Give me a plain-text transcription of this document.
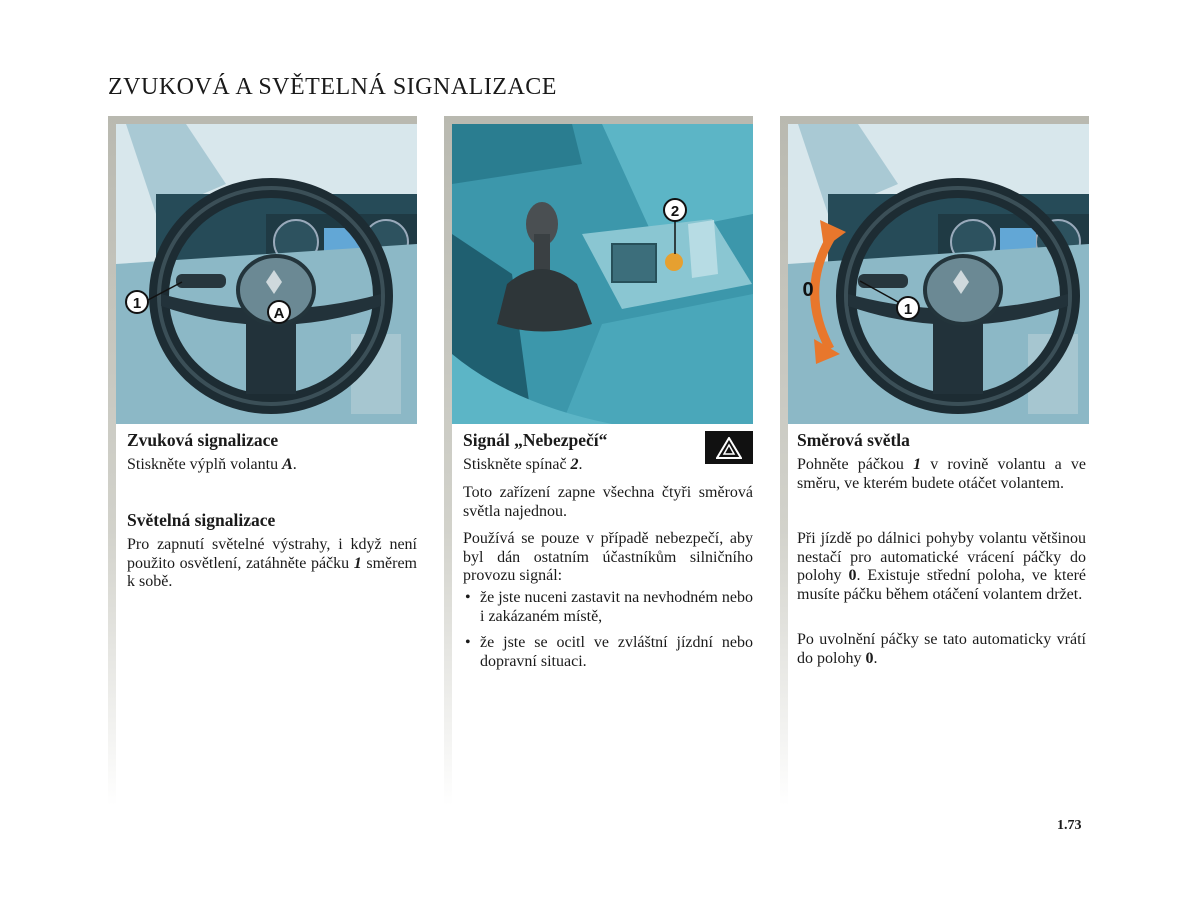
ZVUKOVÁ A SVĚTELNÁ SIGNALIZACE
1
A
2
0
1
Zvuková signalizace

Stiskněte výplň volantu A.

Světelná signalizace

Pro zapnutí světelné výstrahy, i když není použito osvětlení, zatáhněte páčku 1 směrem k sobě.

Signál „Nebezpečí“

Stiskněte spínač 2.

Toto zařízení zapne všechna čtyři směrová světla najednou.

Používá se pouze v případě nebezpečí, aby byl dán ostatním účastníkům silničního provozu signál:

• že jste nuceni zastavit na nevhodném nebo i zakázaném místě,
• že jste se ocitl ve zvláštní jízdní nebo dopravní situaci.
Směrová světla

Pohněte páčkou 1 v rovině volantu a ve směru, ve kterém budete otáčet volantem.

Při jízdě po dálnici pohyby volantu většinou nestačí pro automatické vrácení páčky do polohy 0. Existuje střední poloha, ve které musíte páčku během otáčení volantem držet.

Po uvolnění páčky se tato automaticky vrátí do polohy 0.

1.73
